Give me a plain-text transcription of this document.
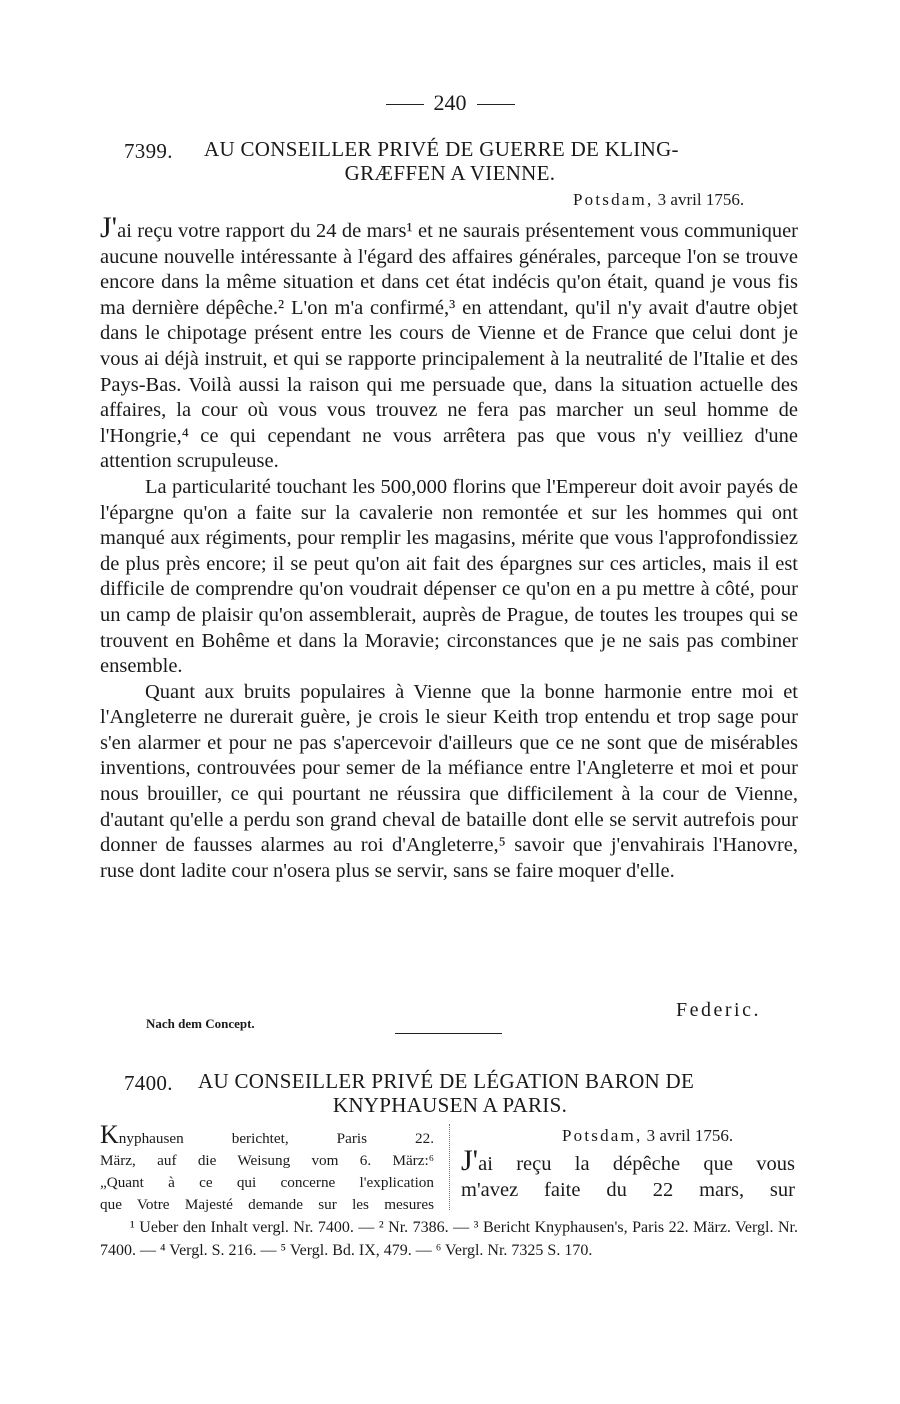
240
7399. AU CONSEILLER PRIVÉ DE GUERRE DE KLING-
GRÆFFEN A VIENNE.
Potsdam, 3 avril 1756.

J'ai reçu votre rapport du 24 de mars¹ et ne saurais présentement vous communiquer aucune nouvelle intéressante à l'égard des affaires générales, parceque l'on se trouve encore dans la même situation et dans cet état indécis qu'on était, quand je vous fis ma dernière dépêche.² L'on m'a confirmé,³ en attendant, qu'il n'y avait d'autre objet dans le chipotage présent entre les cours de Vienne et de France que celui dont je vous ai déjà instruit, et qui se rapporte principalement à la neutralité de l'Italie et des Pays-Bas. Voilà aussi la raison qui me persuade que, dans la situation actuelle des affaires, la cour où vous vous trouvez ne fera pas marcher un seul homme de l'Hongrie,⁴ ce qui cependant ne vous arrêtera pas que vous n'y veilliez d'une attention scrupuleuse.

La particularité touchant les 500,000 florins que l'Empereur doit avoir payés de l'épargne qu'on a faite sur la cavalerie non remontée et sur les hommes qui ont manqué aux régiments, pour remplir les magasins, mérite que vous l'approfondissiez de plus près encore; il se peut qu'on ait fait des épargnes sur ces articles, mais il est difficile de comprendre qu'on voudrait dépenser ce qu'on en a pu mettre à côté, pour un camp de plaisir qu'on assemblerait, auprès de Prague, de toutes les troupes qui se trouvent en Bohême et dans la Moravie; circonstances que je ne sais pas combiner ensemble.

Quant aux bruits populaires à Vienne que la bonne harmonie entre moi et l'Angleterre ne durerait guère, je crois le sieur Keith trop entendu et trop sage pour s'en alarmer et pour ne pas s'apercevoir d'ailleurs que ce ne sont que de misérables inventions, controuvées pour semer de la méfiance entre l'Angleterre et moi et pour nous brouiller, ce qui pourtant ne réussira que difficilement à la cour de Vienne, d'autant qu'elle a perdu son grand cheval de bataille dont elle se servit autrefois pour donner de fausses alarmes au roi d'Angleterre,⁵ savoir que j'envahirais l'Hanovre, ruse dont ladite cour n'osera plus se servir, sans se faire moquer d'elle.

Federic.
Nach dem Concept.
7400. AU CONSEILLER PRIVÉ DE LÉGATION BARON DE
KNYPHAUSEN A PARIS.
Knyphausen berichtet, Paris 22.
März, auf die Weisung vom 6. März:⁶
„Quant à ce qui concerne l'explication
que Votre Majesté demande sur les mesures
Potsdam, 3 avril 1756.
J'ai reçu la dépêche que vous
m'avez faite du 22 mars, sur

¹ Ueber den Inhalt vergl. Nr. 7400. — ² Nr. 7386. — ³ Bericht Knyphausen's, Paris 22. März. Vergl. Nr. 7400. — ⁴ Vergl. S. 216. — ⁵ Vergl. Bd. IX, 479. — ⁶ Vergl. Nr. 7325 S. 170.
